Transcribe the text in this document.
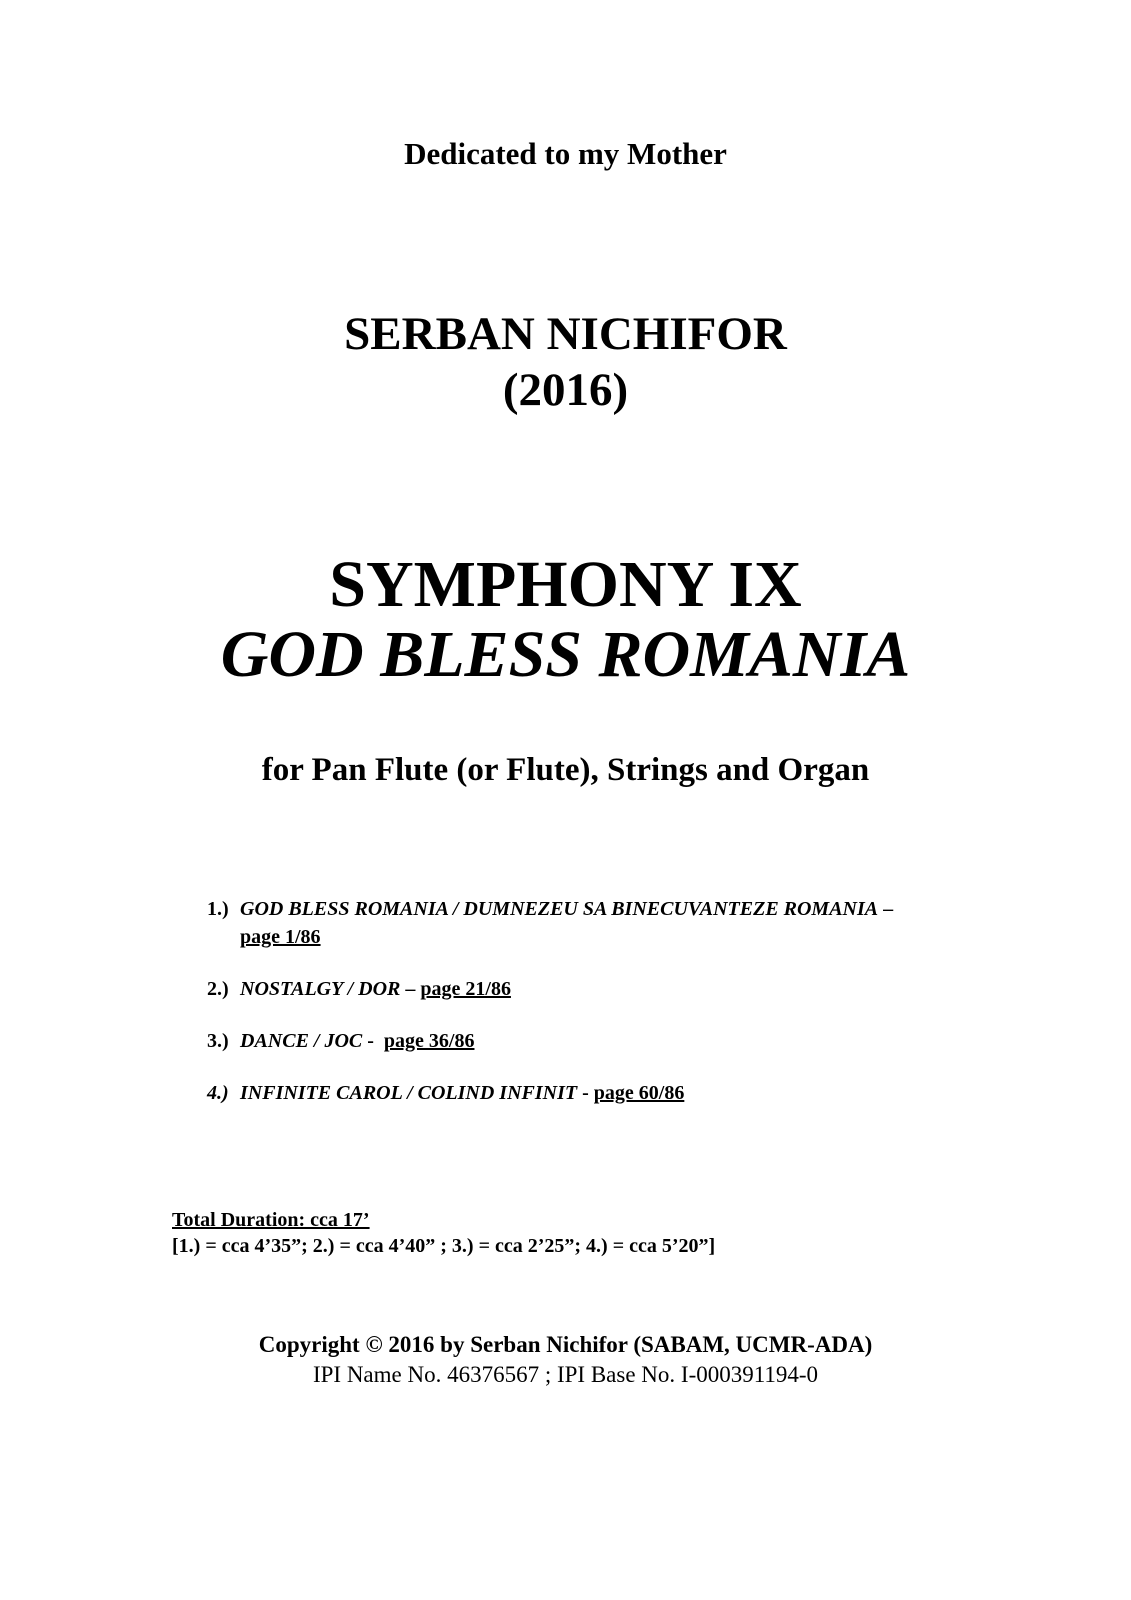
Dedicated to my Mother
SERBAN NICHIFOR
(2016)
SYMPHONY IX
GOD BLESS ROMANIA
for Pan Flute (or Flute), Strings and Organ
1.) GOD BLESS ROMANIA / DUMNEZEU SA BINECUVANTEZE ROMANIA – page 1/86
2.) NOSTALGY / DOR – page 21/86
3.) DANCE / JOC -  page 36/86
4.) INFINITE CAROL / COLIND INFINIT - page 60/86
Total Duration: cca 17’
[1.) = cca 4’35”; 2.) = cca 4’40” ; 3.) = cca 2’25”; 4.) = cca 5’20”]
Copyright © 2016 by Serban Nichifor (SABAM, UCMR-ADA)
IPI Name No. 46376567 ; IPI Base No. I-000391194-0
